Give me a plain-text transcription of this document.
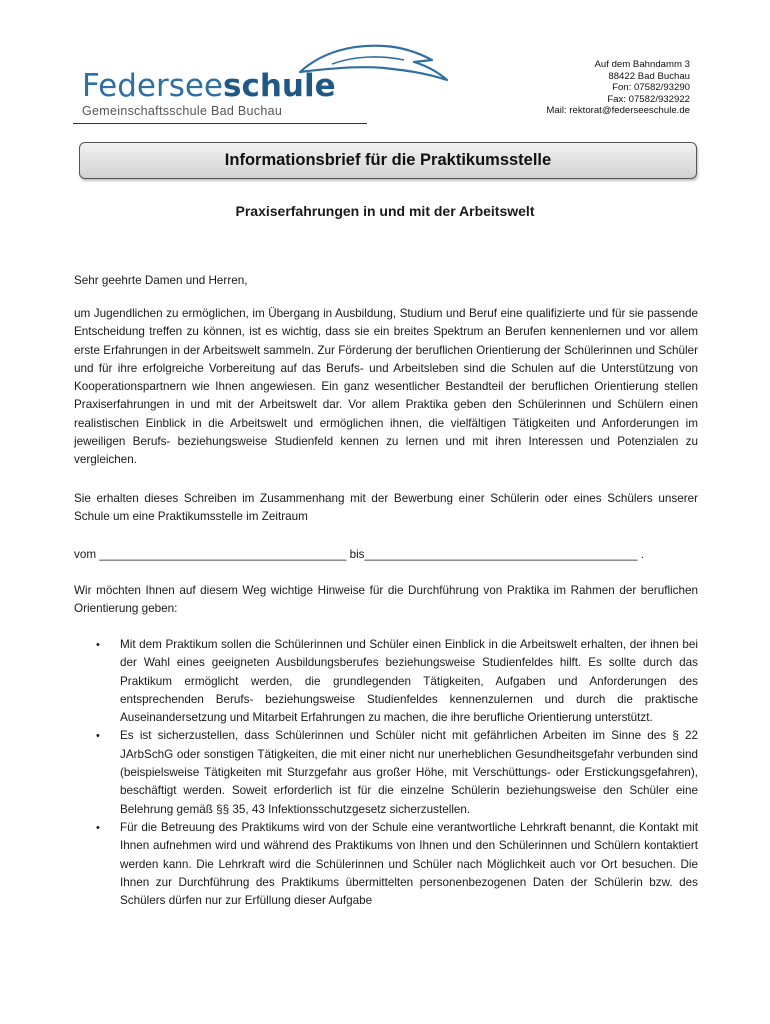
Federseeschule
Gemeinschaftsschule Bad Buchau
Auf dem Bahndamm 3
88422 Bad Buchau
Fon: 07582/93290
Fax: 07582/932922
Mail: rektorat@federseeschule.de
Informationsbrief für die Praktikumsstelle
Praxiserfahrungen in und mit der Arbeitswelt
Sehr geehrte Damen und Herren,
um Jugendlichen zu ermöglichen, im Übergang in Ausbildung, Studium und Beruf eine qualifizierte und für sie passende Entscheidung treffen zu können, ist es wichtig, dass sie ein breites Spektrum an Berufen kennenlernen und vor allem erste Erfahrungen in der Arbeitswelt sammeln. Zur Förderung der beruflichen Orientierung der Schülerinnen und Schüler und für ihre erfolgreiche Vorbereitung auf das Berufs- und Arbeitsleben sind die Schulen auf die Unterstützung von Kooperationspartnern wie Ihnen angewiesen. Ein ganz wesentlicher Bestandteil der beruflichen Orientierung stellen Praxiserfahrungen in und mit der Arbeitswelt dar. Vor allem Praktika geben den Schülerinnen und Schülern einen realistischen Einblick in die Arbeitswelt und ermöglichen ihnen, die vielfältigen Tätigkeiten und Anforderungen im jeweiligen Berufs- beziehungsweise Studienfeld kennen zu lernen und mit ihren Interessen und Potenzialen zu vergleichen.
Sie erhalten dieses Schreiben im Zusammenhang mit der Bewerbung einer Schülerin oder eines Schülers unserer Schule um eine Praktikumsstelle im Zeitraum
vom ______________________________________ bis__________________________________________ .
Wir möchten Ihnen auf diesem Weg wichtige Hinweise für die Durchführung von Praktika im Rahmen der beruflichen Orientierung geben:
• Mit dem Praktikum sollen die Schülerinnen und Schüler einen Einblick in die Arbeitswelt erhalten, der ihnen bei der Wahl eines geeigneten Ausbildungsberufes beziehungsweise Studienfeldes hilft. Es sollte durch das Praktikum ermöglicht werden, die grundlegenden Tätigkeiten, Aufgaben und Anforderungen des entsprechenden Berufs- beziehungsweise Studienfeldes kennenzulernen und durch die praktische Auseinandersetzung und Mitarbeit Erfahrungen zu machen, die ihre berufliche Orientierung unterstützt.
• Es ist sicherzustellen, dass Schülerinnen und Schüler nicht mit gefährlichen Arbeiten im Sinne des § 22 JArbSchG oder sonstigen Tätigkeiten, die mit einer nicht nur unerheblichen Gesundheitsgefahr verbunden sind (beispielsweise Tätigkeiten mit Sturzgefahr aus großer Höhe, mit Verschüttungs- oder Erstickungsgefahren), beschäftigt werden. Soweit erforderlich ist für die einzelne Schülerin beziehungsweise den Schüler eine Belehrung gemäß §§ 35, 43 Infektionsschutzgesetz sicherzustellen.
• Für die Betreuung des Praktikums wird von der Schule eine verantwortliche Lehrkraft benannt, die Kontakt mit Ihnen aufnehmen wird und während des Praktikums von Ihnen und den Schülerinnen und Schülern kontaktiert werden kann. Die Lehrkraft wird die Schülerinnen und Schüler nach Möglichkeit auch vor Ort besuchen. Die Ihnen zur Durchführung des Praktikums übermittelten personenbezogenen Daten der Schülerin bzw. des Schülers dürfen nur zur Erfüllung dieser Aufgabe
